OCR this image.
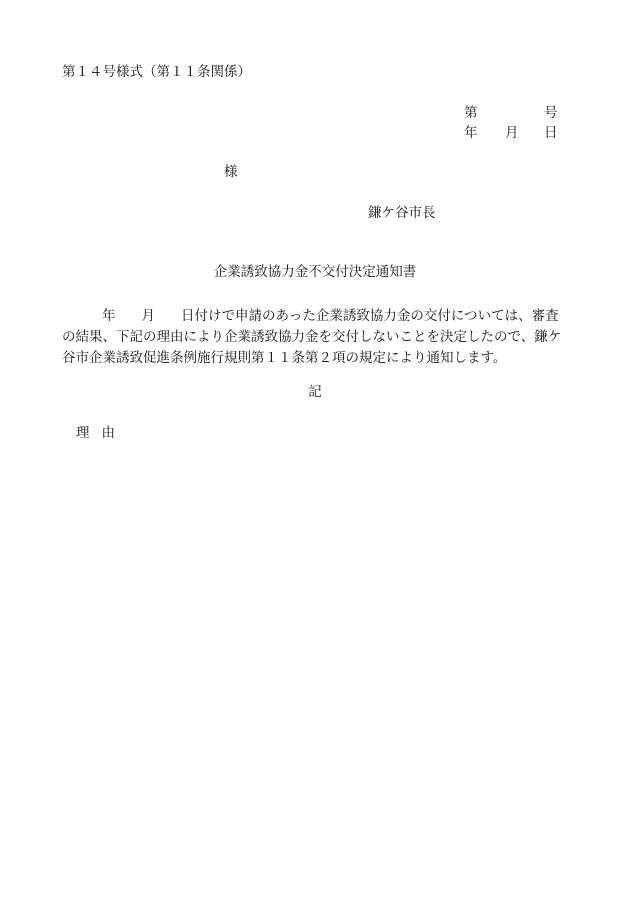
第１４号様式（第１１条関係）
第	号
年 月 日
様
鎌ケ谷市長
企業誘致協力金不交付決定通知書
年 月 日付けで申請のあった企業誘致協力金の交付については、審査
の結果、下記の理由により企業誘致協力金を交付しないことを決定したので、鎌ケ
谷市企業誘致促進条例施行規則第１１条第２項の規定により通知します。
記
理由
